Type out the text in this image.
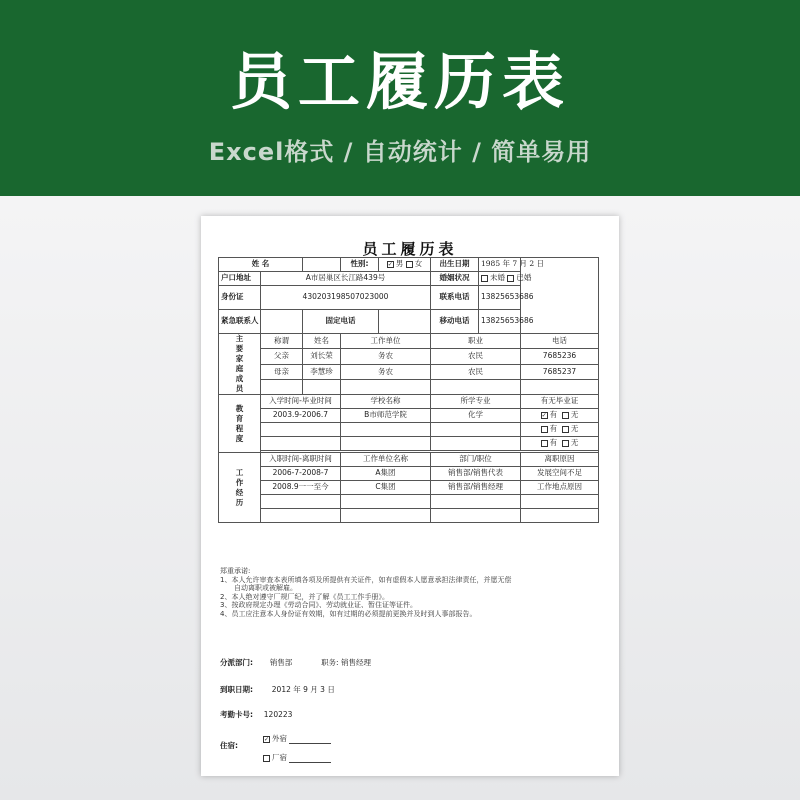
员工履历表
Excel格式 / 自动统计 / 简单易用
员工履历表
姓 名			性别:	✓ 男 女	出生日期	1985 年 7 月 2 日	
户口地址	A市居巢区长江路439号				婚姻状况	未婚 已婚	
身份证	430203198507023000				联系电话	13825653686	
紧急联系人		固定电话			移动电话	13825653686	
主要家庭成员	称谓	姓名	工作单位		职业		电话
	父亲	刘长荣	务农		农民		7685236
	母亲	李慧珍	务农		农民		7685237

教育程度	入学时间-毕业时间		学校名称		所学专业		有无毕业证
	2003.9-2006.7		B市师范学院		化学		✓ 有 无
							有 无
							有 无

工作经历	入职时间-离职时间		工作单位名称		部门/职位		离职原因
	2006-7-2008-7		A集团		销售部/销售代表		发展空间不足
	2008.9一一至今		C集团		销售部/销售经理		工作地点原因

郑重承诺:
1、本人允许审查本表所填各项及所提供有关证件，如有虚假本人愿意承担法律责任，并愿无偿
自动离职或被解雇。
2、本人绝对遵守厂规厂纪，并了解《员工工作手册》。
3、按政府规定办理《劳动合同》、劳动就业证、暂住证等证件。
4、员工应注意本人身份证有效期，如有过期的必须提前更换并及时到人事部报告。
分派部门: 销售部	职务: 销售经理
到职日期:	2012 年 9 月 3 日
考勤卡号: 120223
住宿:
✓ 外宿
厂宿
